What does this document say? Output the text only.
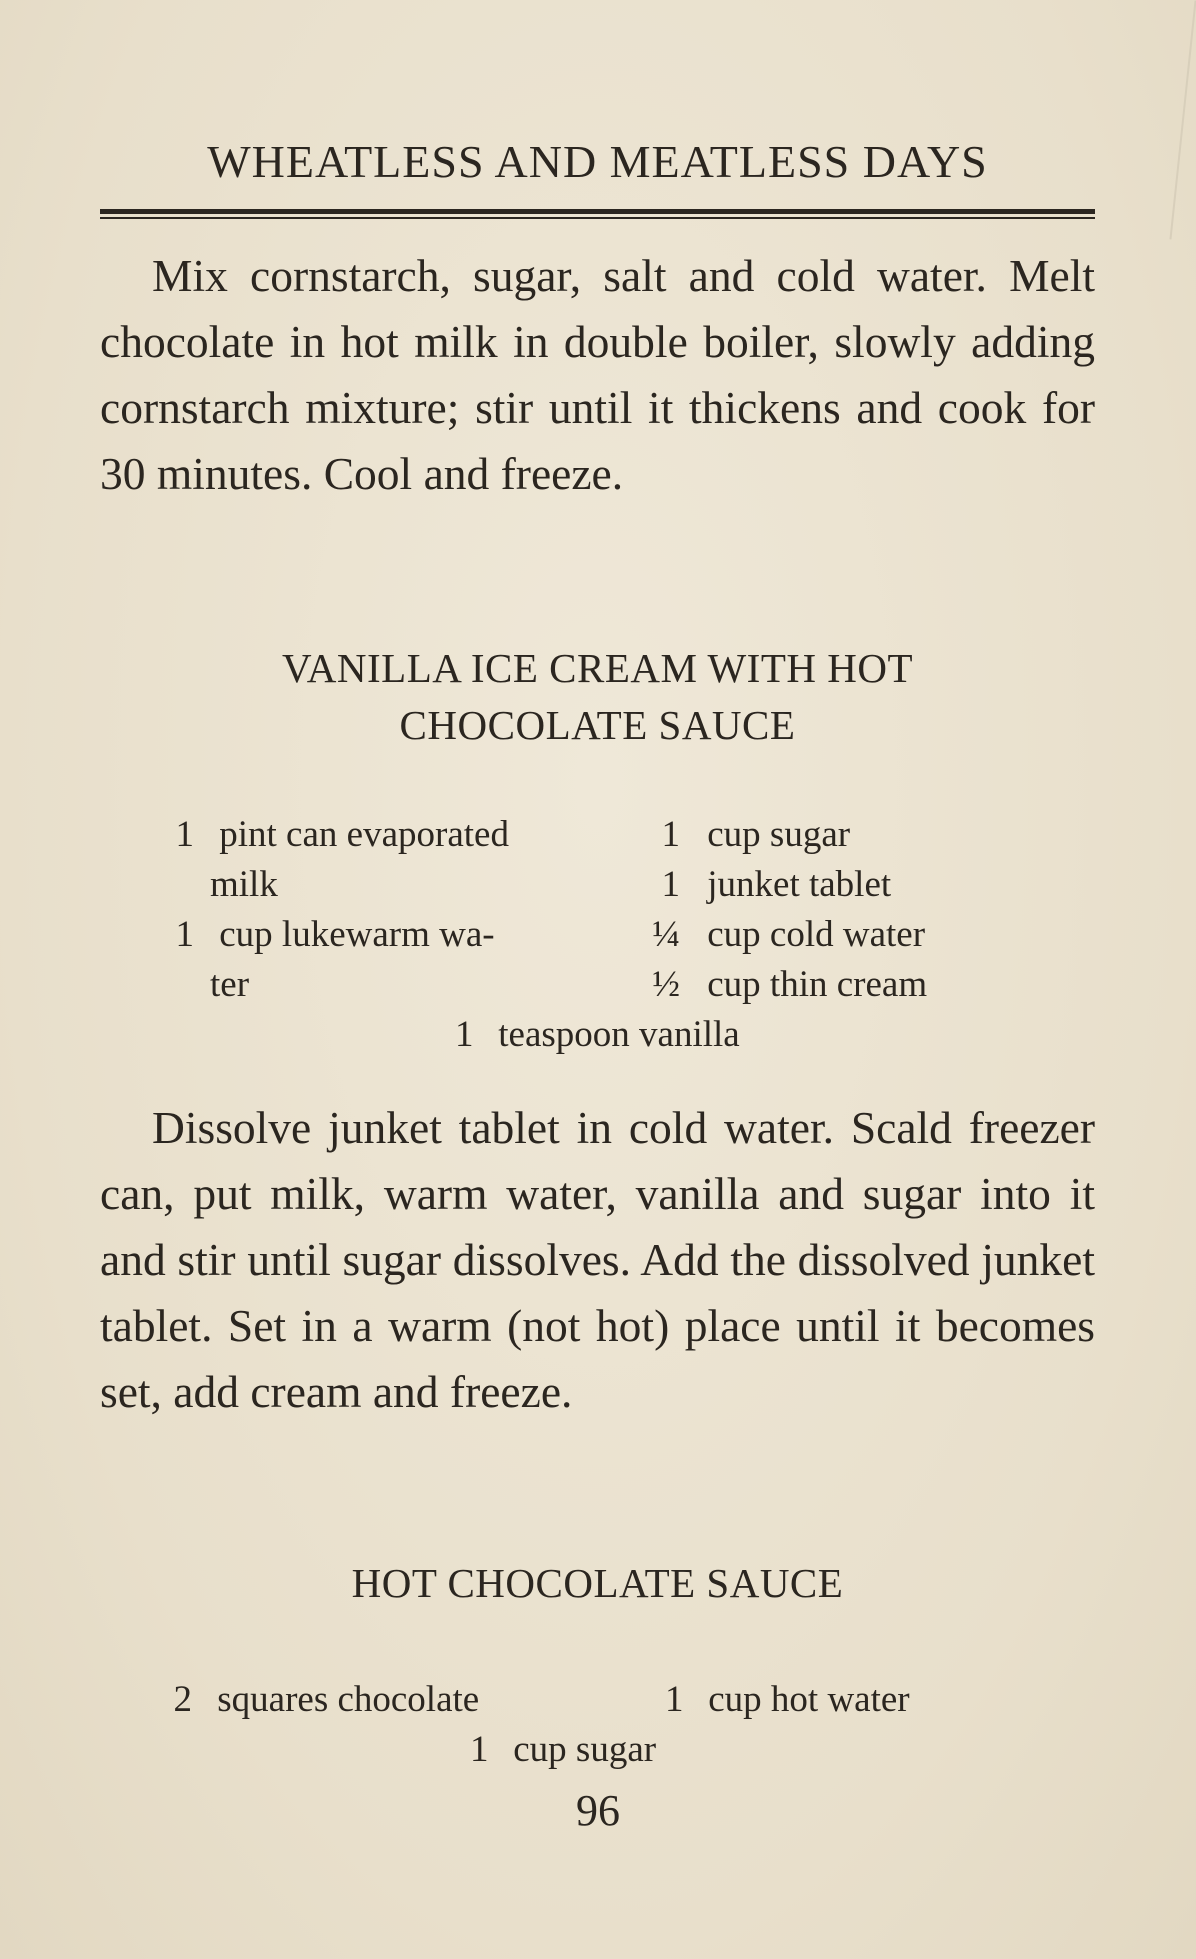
WHEATLESS AND MEATLESS DAYS
Mix cornstarch, sugar, salt and cold water. Melt chocolate in hot milk in double boiler, slowly adding cornstarch mixture; stir until it thickens and cook for 30 minutes. Cool and freeze.
VANILLA ICE CREAM WITH HOT
CHOCOLATE SAUCE
1 pint can evaporated
milk
1 cup lukewarm wa-
ter
1 cup sugar
1 junket tablet
¼ cup cold water
½ cup thin cream
1 teaspoon vanilla
Dissolve junket tablet in cold water. Scald freezer can, put milk, warm water, vanilla and sugar into it and stir until sugar dissolves. Add the dissolved junket tablet. Set in a warm (not hot) place until it becomes set, add cream and freeze.
HOT CHOCOLATE SAUCE
2 squares chocolate	1 cup hot water
1 cup sugar
96
